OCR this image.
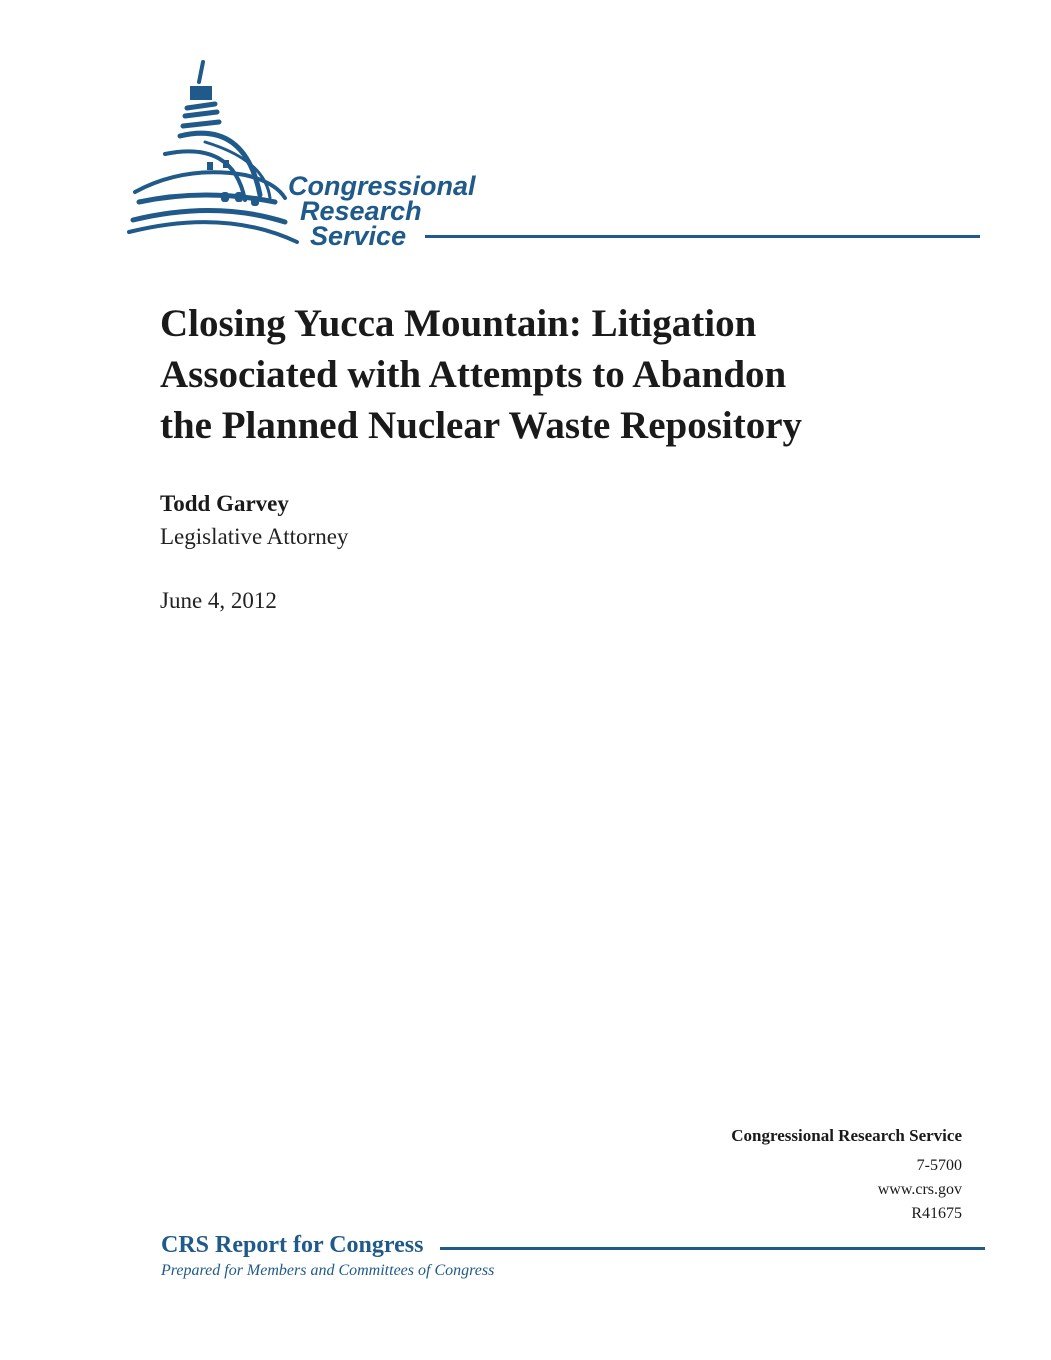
Congressional
Research
Service
Closing Yucca Mountain: Litigation
Associated with Attempts to Abandon
the Planned Nuclear Waste Repository
Todd Garvey
Legislative Attorney
June 4, 2012
Congressional Research Service
7-5700
www.crs.gov
R41675
CRS Report for Congress
Prepared for Members and Committees of Congress
